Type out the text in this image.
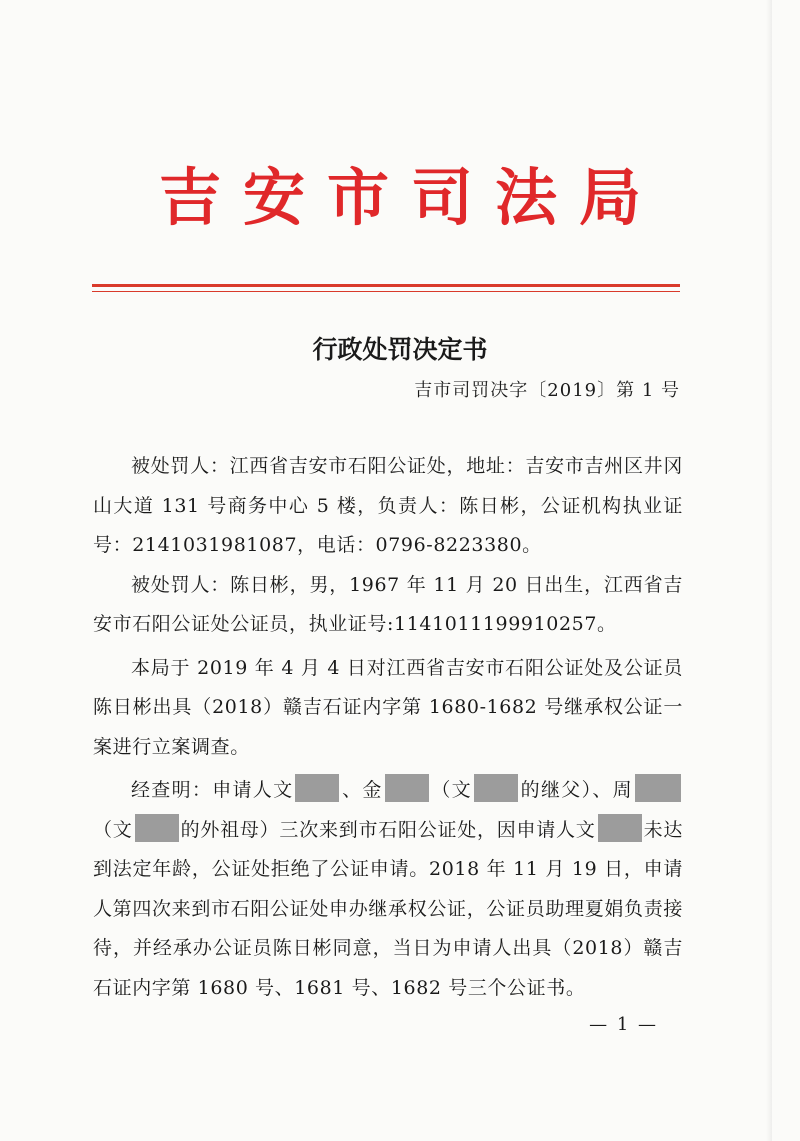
吉安市司法局
行政处罚决定书
吉市司罚决字〔2019〕第 1 号

被处罚人：江西省吉安市石阳公证处，地址：吉安市吉州区井冈山大道 131 号商务中心 5 楼，负责人：陈日彬，公证机构执业证号：2141031981087，电话：0796-8223380。

被处罚人：陈日彬，男，1967 年 11 月 20 日出生，江西省吉安市石阳公证处公证员，执业证号:1141011199910257。

本局于 2019 年 4 月 4 日对江西省吉安市石阳公证处及公证员陈日彬出具（2018）赣吉石证内字第 1680-1682 号继承权公证一案进行立案调查。

经查明：申请人文	、金	（文	的继父）、周（文	的外祖母）三次来到市石阳公证处，因申请人文	未达到法定年龄，公证处拒绝了公证申请。2018 年 11 月 19 日，申请人第四次来到市石阳公证处申办继承权公证，公证员助理夏娟负责接待，并经承办公证员陈日彬同意，当日为申请人出具（2018）赣吉石证内字第 1680 号、1681 号、1682 号三个公证书。

— 1 —
